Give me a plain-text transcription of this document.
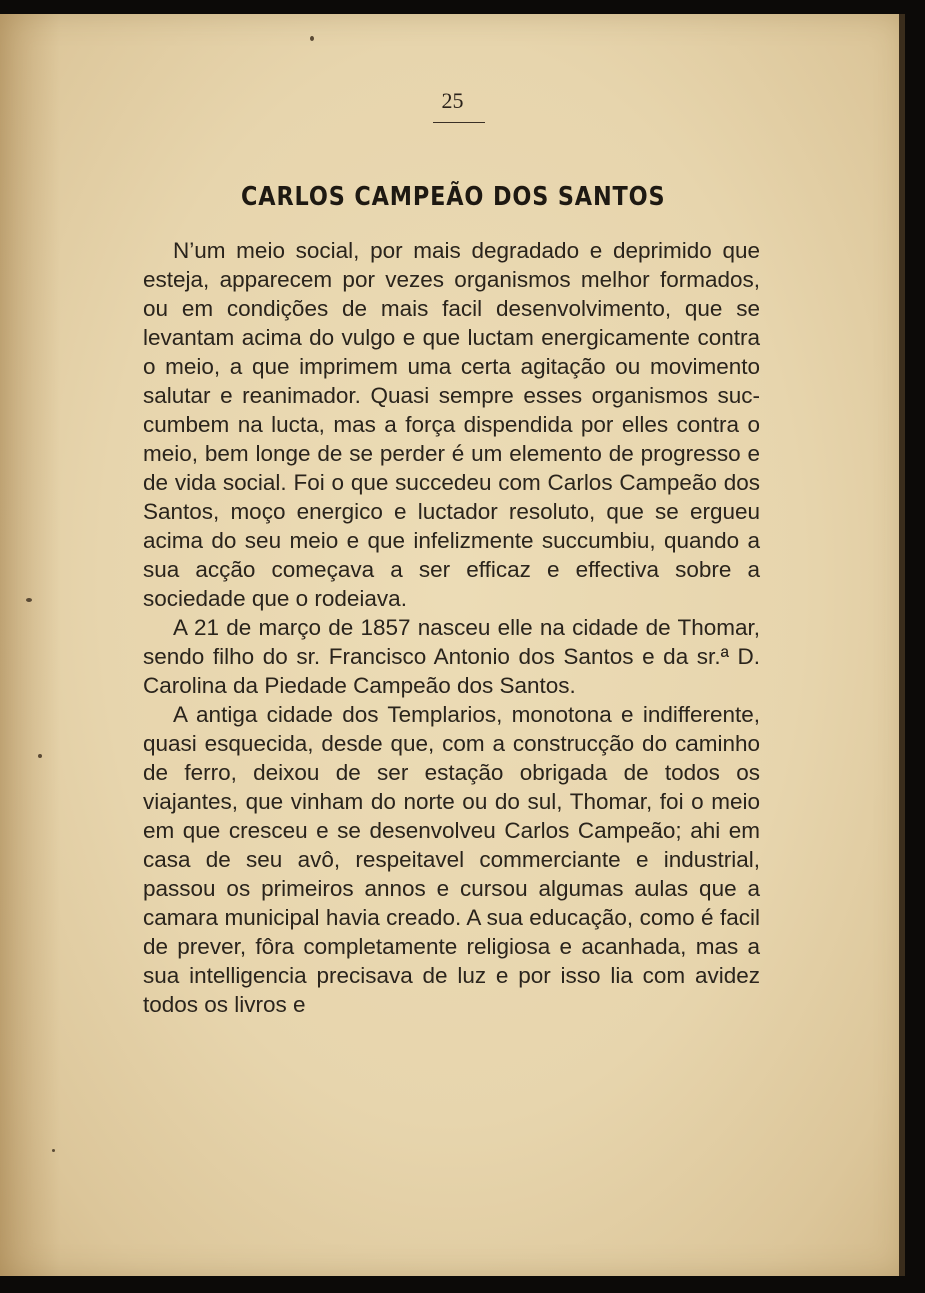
25
CARLOS CAMPEÃO DOS SANTOS

N’um meio social, por mais degradado e deprimido que esteja, apparecem por vezes organismos melhor formados, ou em condições de mais facil desenvolvimento, que se levantam acima do vulgo e que luctam energicamente contra o meio, a que imprimem uma certa agitação ou movimento salutar e reanimador. Quasi sempre esses organismos succumbem na lucta, mas a força dispendida por elles contra o meio, bem longe de se perder é um elemento de progresso e de vida social. Foi o que succedeu com Carlos Campeão dos Santos, moço energico e luctador resoluto, que se ergueu acima do seu meio e que infelizmente succumbiu, quando a sua acção começava a ser efficaz e effectiva sobre a sociedade que o rodeiava.

A 21 de março de 1857 nasceu elle na cidade de Thomar, sendo filho do sr. Francisco Antonio dos Santos e da sr.ª D. Carolina da Piedade Campeão dos Santos.

A antiga cidade dos Templarios, monotona e indifferente, quasi esquecida, desde que, com a construcção do caminho de ferro, deixou de ser estação obrigada de todos os viajantes, que vinham do norte ou do sul, Thomar, foi o meio em que cresceu e se desenvolveu Carlos Campeão; ahi em casa de seu avô, respeitavel commerciante e industrial, passou os primeiros annos e cursou algumas aulas que a camara municipal havia creado. A sua educação, como é facil de prever, fôra completamente religiosa e acanhada, mas a sua intelligencia precisava de luz e por isso lia com avidez todos os livros e
